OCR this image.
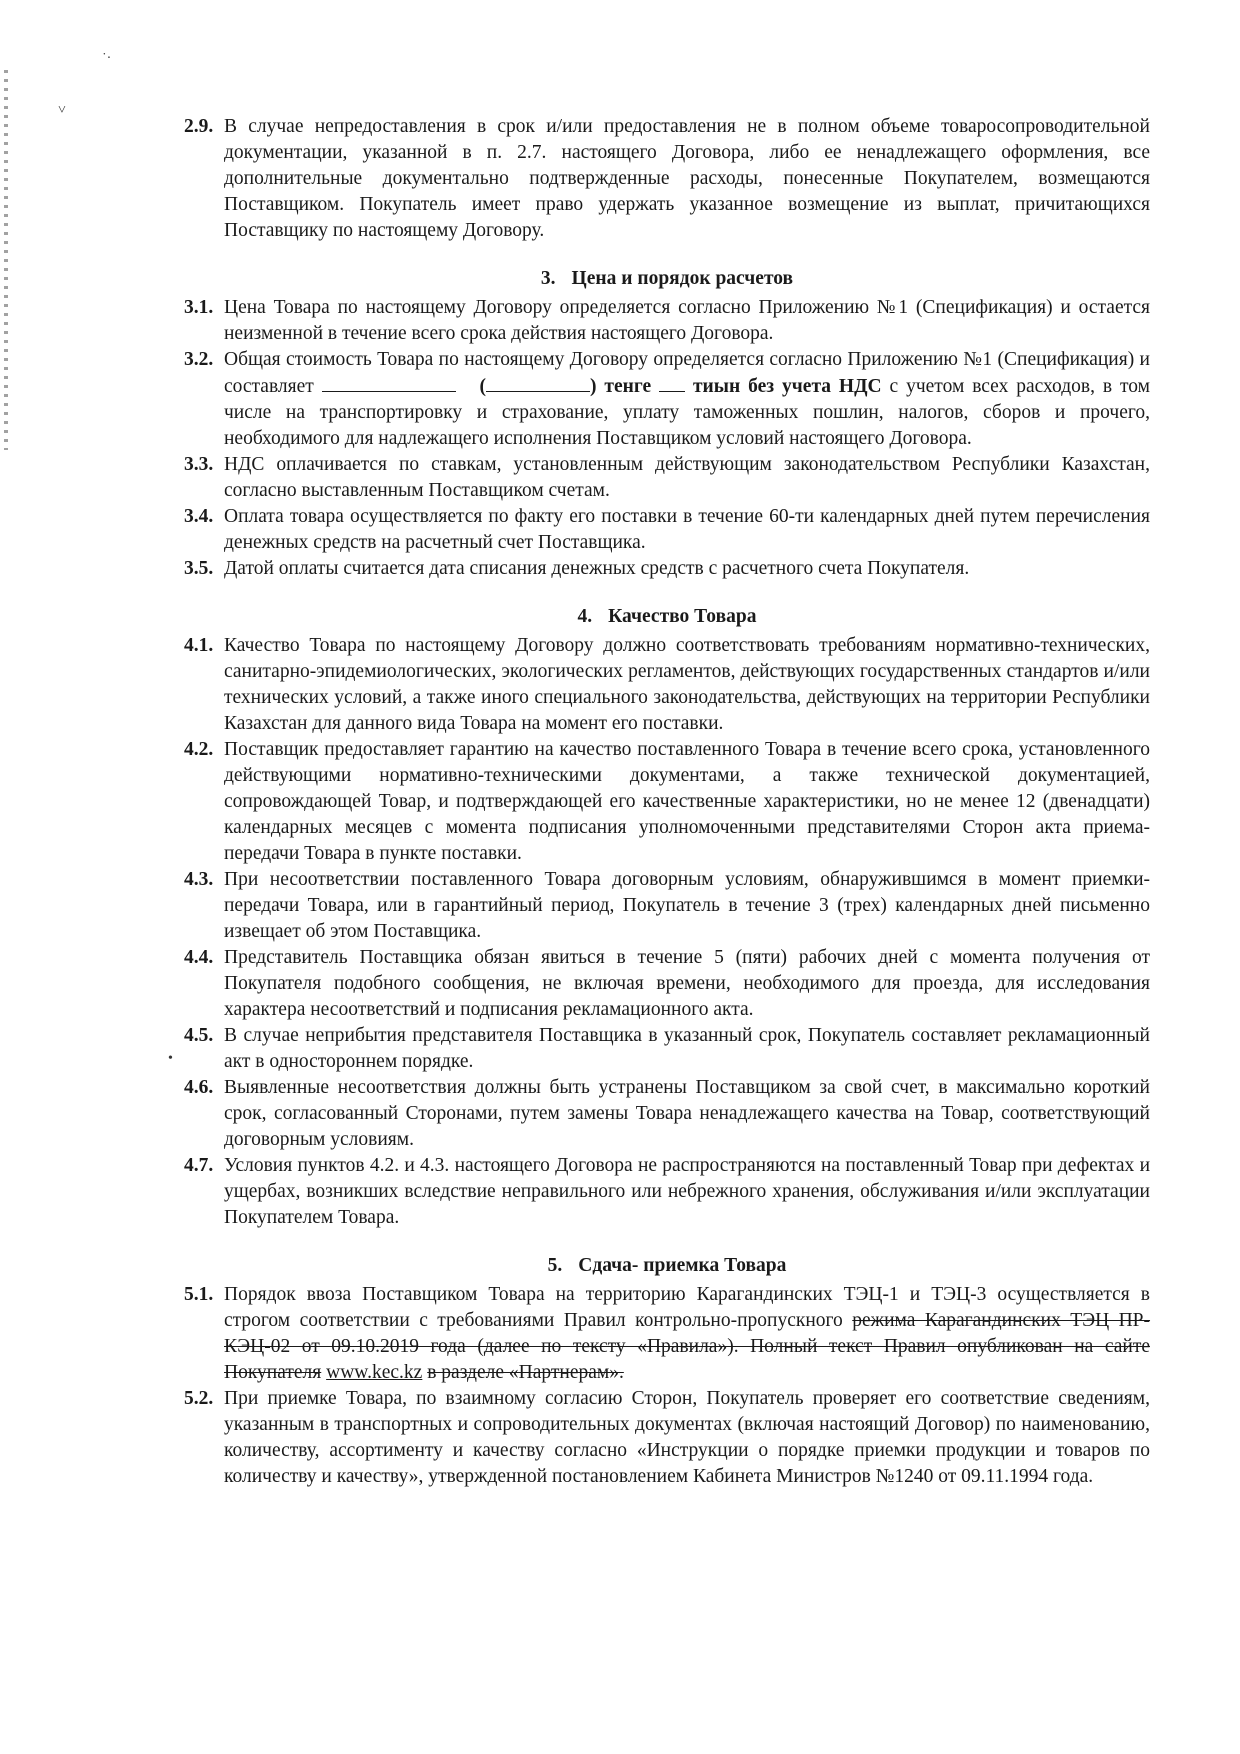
˙·
˅
•
2.9. В случае непредоставления в срок и/или предоставления не в полном объеме товаросопроводительной документации, указанной в п. 2.7. настоящего Договора, либо ее ненадлежащего оформления, все дополнительные документально подтвержденные расходы, понесенные Покупателем, возмещаются Поставщиком. Покупатель имеет право удержать указанное возмещение из выплат, причитающихся Поставщику по настоящему Договору.
3. Цена и порядок расчетов
3.1. Цена Товара по настоящему Договору определяется согласно Приложению №1 (Спецификация) и остается неизменной в течение всего срока действия настоящего Договора.
3.2. Общая стоимость Товара по настоящему Договору определяется согласно Приложению №1 (Спецификация) и составляет	(	) тенге тиын без учета НДС с учетом всех расходов, в том числе на транспортировку и страхование, уплату таможенных пошлин, налогов, сборов и прочего, необходимого для надлежащего исполнения Поставщиком условий настоящего Договора.
3.3. НДС оплачивается по ставкам, установленным действующим законодательством Республики Казахстан, согласно выставленным Поставщиком счетам.
3.4. Оплата товара осуществляется по факту его поставки в течение 60-ти календарных дней путем перечисления денежных средств на расчетный счет Поставщика.
3.5. Датой оплаты считается дата списания денежных средств с расчетного счета Покупателя.
4. Качество Товара
4.1. Качество Товара по настоящему Договору должно соответствовать требованиям нормативно-технических, санитарно-эпидемиологических, экологических регламентов, действующих государственных стандартов и/или технических условий, а также иного специального законодательства, действующих на территории Республики Казахстан для данного вида Товара на момент его поставки.
4.2. Поставщик предоставляет гарантию на качество поставленного Товара в течение всего срока, установленного действующими нормативно-техническими документами, а также технической документацией, сопровождающей Товар, и подтверждающей его качественные характеристики, но не менее 12 (двенадцати) календарных месяцев с момента подписания уполномоченными представителями Сторон акта приема-передачи Товара в пункте поставки.
4.3. При несоответствии поставленного Товара договорным условиям, обнаружившимся в момент приемки-передачи Товара, или в гарантийный период, Покупатель в течение 3 (трех) календарных дней письменно извещает об этом Поставщика.
4.4. Представитель Поставщика обязан явиться в течение 5 (пяти) рабочих дней с момента получения от Покупателя подобного сообщения, не включая времени, необходимого для проезда, для исследования характера несоответствий и подписания рекламационного акта.
4.5. В случае неприбытия представителя Поставщика в указанный срок, Покупатель составляет рекламационный акт в одностороннем порядке.
4.6. Выявленные несоответствия должны быть устранены Поставщиком за свой счет, в максимально короткий срок, согласованный Сторонами, путем замены Товара ненадлежащего качества на Товар, соответствующий договорным условиям.
4.7. Условия пунктов 4.2. и 4.3. настоящего Договора не распространяются на поставленный Товар при дефектах и ущербах, возникших вследствие неправильного или небрежного хранения, обслуживания и/или эксплуатации Покупателем Товара.
5. Сдача- приемка Товара
5.1. Порядок ввоза Поставщиком Товара на территорию Карагандинских ТЭЦ-1 и ТЭЦ-3 осуществляется в строгом соответствии с требованиями Правил контрольно-пропускного режима Карагандинских ТЭЦ ПР-КЭЦ-02 от 09.10.2019 года (далее по тексту «Правила»). Полный текст Правил опубликован на сайте Покупателя www.kec.kz в разделе «Партнерам».
5.2. При приемке Товара, по взаимному согласию Сторон, Покупатель проверяет его соответствие сведениям, указанным в транспортных и сопроводительных документах (включая настоящий Договор) по наименованию, количеству, ассортименту и качеству согласно «Инструкции о порядке приемки продукции и товаров по количеству и качеству», утвержденной постановлением Кабинета Министров №1240 от 09.11.1994 года.
